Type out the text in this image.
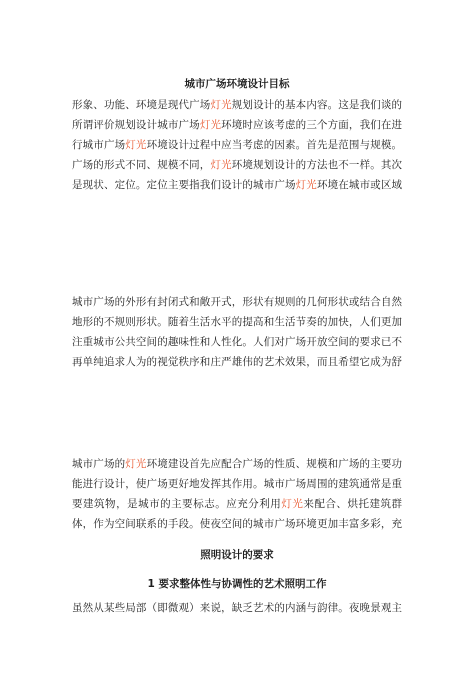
城市广场环境设计目标

形象、功能、环境是现代广场灯光规划设计的基本内容。这是我们谈的所谓评价规划设计城市广场灯光环境时应该考虑的三个方面，我们在进行城市广场灯光环境设计过程中应当考虑的因素。首先是范围与规模。广场的形式不同、规模不同，灯光环境规划设计的方法也不一样。其次是现状、定位。定位主要指我们设计的城市广场灯光环境在城市或区域

城市广场的外形有封闭式和敞开式，形状有规则的几何形状或结合自然地形的不规则形状。随着生活水平的提高和生活节奏的加快，人们更加注重城市公共空间的趣味性和人性化。人们对广场开放空间的要求已不再单纯追求人为的视觉秩序和庄严雄伟的艺术效果，而且希望它成为舒

城市广场的灯光环境建设首先应配合广场的性质、规模和广场的主要功能进行设计，使广场更好地发挥其作用。城市广场周围的建筑通常是重要建筑物，是城市的主要标志。应充分利用灯光来配合、烘托建筑群体，作为空间联系的手段。使夜空间的城市广场环境更加丰富多彩，充

照明设计的要求
1 要求整体性与协调性的艺术照明工作

虽然从某些局部（即微观）来说，缺乏艺术的内涵与韵律。夜晚景观主
